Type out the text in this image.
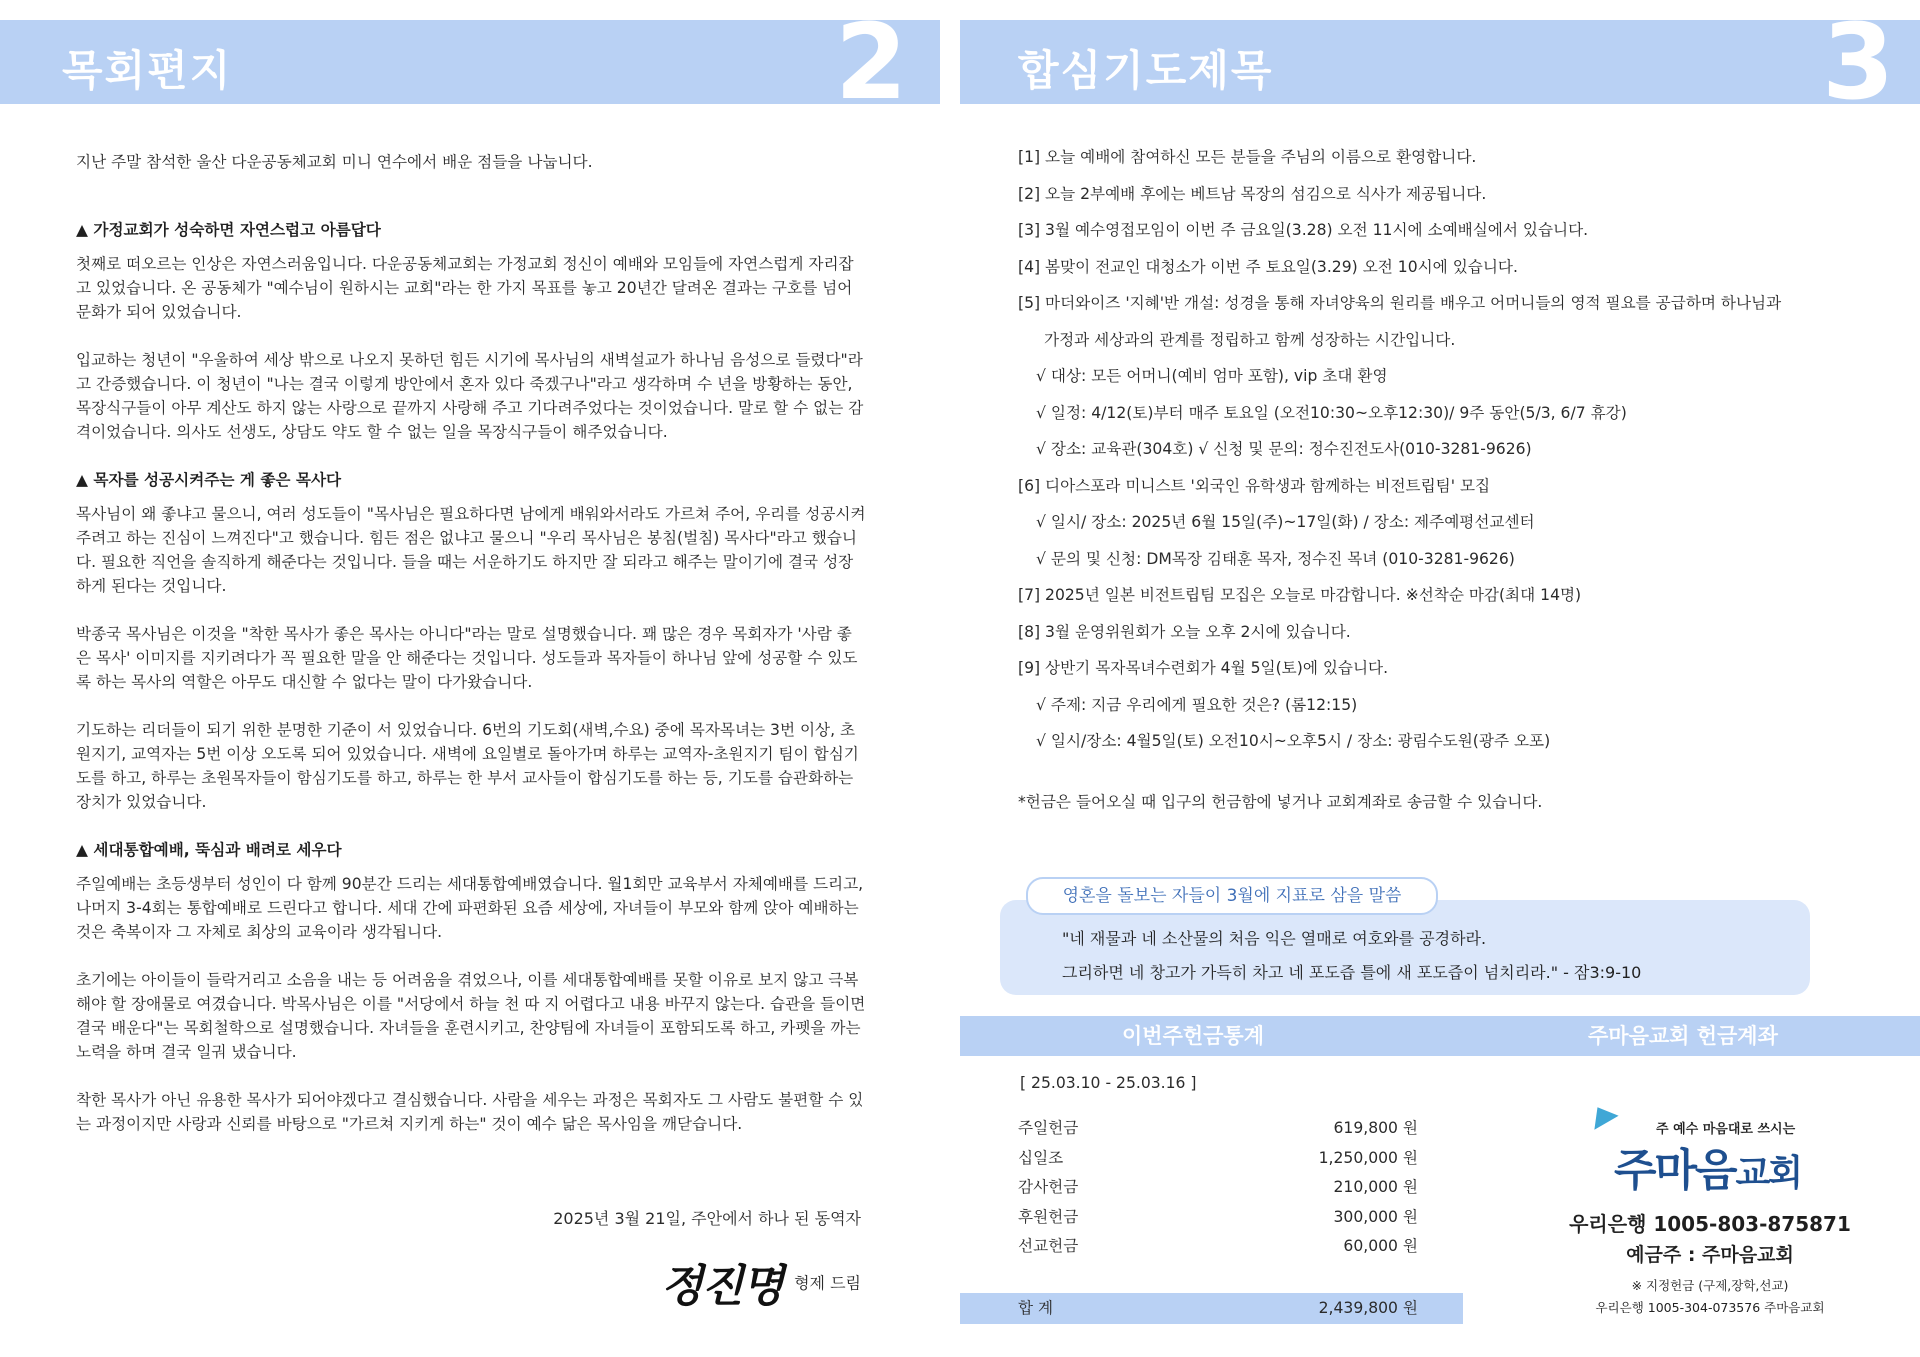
목회편지	2	합심기도제목	3

지난 주말 참석한 울산 다운공동체교회 미니 연수에서 배운 점들을 나눕니다.

▲ 가정교회가 성숙하면 자연스럽고 아름답다

첫째로 떠오르는 인상은 자연스러움입니다. 다운공동체교회는 가정교회 정신이 예배와 모임들에 자연스럽게 자리잡고 있었습니다. 온 공동체가 "예수님이 원하시는 교회"라는 한 가지 목표를 놓고 20년간 달려온 결과는 구호를 넘어 문화가 되어 있었습니다.

입교하는 청년이 "우울하여 세상 밖으로 나오지 못하던 힘든 시기에 목사님의 새벽설교가 하나님 음성으로 들렸다"라고 간증했습니다. 이 청년이 "나는 결국 이렇게 방안에서 혼자 있다 죽겠구나"라고 생각하며 수 년을 방황하는 동안, 목장식구들이 아무 계산도 하지 않는 사랑으로 끝까지 사랑해 주고 기다려주었다는 것이었습니다. 말로 할 수 없는 감격이었습니다. 의사도 선생도, 상담도 약도 할 수 없는 일을 목장식구들이 해주었습니다.

▲ 목자를 성공시켜주는 게 좋은 목사다

목사님이 왜 좋냐고 물으니, 여러 성도들이 "목사님은 필요하다면 남에게 배워와서라도 가르쳐 주어, 우리를 성공시켜주려고 하는 진심이 느껴진다"고 했습니다. 힘든 점은 없냐고 물으니 "우리 목사님은 봉침(벌침) 목사다"라고 했습니다. 필요한 직언을 솔직하게 해준다는 것입니다. 들을 때는 서운하기도 하지만 잘 되라고 해주는 말이기에 결국 성장하게 된다는 것입니다.

박종국 목사님은 이것을 "착한 목사가 좋은 목사는 아니다"라는 말로 설명했습니다. 꽤 많은 경우 목회자가 '사람 좋은 목사' 이미지를 지키려다가 꼭 필요한 말을 안 해준다는 것입니다. 성도들과 목자들이 하나님 앞에 성공할 수 있도록 하는 목사의 역할은 아무도 대신할 수 없다는 말이 다가왔습니다.

기도하는 리더들이 되기 위한 분명한 기준이 서 있었습니다. 6번의 기도회(새벽,수요) 중에 목자목녀는 3번 이상, 초원지기, 교역자는 5번 이상 오도록 되어 있었습니다. 새벽에 요일별로 돌아가며 하루는 교역자-초원지기 팀이 합심기도를 하고, 하루는 초원목자들이 함심기도를 하고, 하루는 한 부서 교사들이 합심기도를 하는 등, 기도를 습관화하는 장치가 있었습니다.

▲ 세대통합예배, 뚝심과 배려로 세우다

주일예배는 초등생부터 성인이 다 함께 90분간 드리는 세대통합예배였습니다. 월1회만 교육부서 자체예배를 드리고, 나머지 3-4회는 통합예배로 드린다고 합니다. 세대 간에 파편화된 요즘 세상에, 자녀들이 부모와 함께 앉아 예배하는 것은 축복이자 그 자체로 최상의 교육이라 생각됩니다.

초기에는 아이들이 들락거리고 소음을 내는 등 어려움을 겪었으나, 이를 세대통합예배를 못할 이유로 보지 않고 극복해야 할 장애물로 여겼습니다. 박목사님은 이를 "서당에서 하늘 천 따 지 어렵다고 내용 바꾸지 않는다. 습관을 들이면 결국 배운다"는 목회철학으로 설명했습니다. 자녀들을 훈련시키고, 찬양팀에 자녀들이 포함되도록 하고, 카펫을 까는 노력을 하며 결국 일궈 냈습니다.

착한 목사가 아닌 유용한 목사가 되어야겠다고 결심했습니다. 사람을 세우는 과정은 목회자도 그 사람도 불편할 수 있는 과정이지만 사랑과 신뢰를 바탕으로 "가르쳐 지키게 하는" 것이 예수 닮은 목사임을 깨닫습니다.

2025년 3월 21일, 주안에서 하나 된 동역자
정진명 형제 드림
[1] 오늘 예배에 참여하신 모든 분들을 주님의 이름으로 환영합니다.
[2] 오늘 2부예배 후에는 베트남 목장의 섬김으로 식사가 제공됩니다.
[3] 3월 예수영접모임이 이번 주 금요일(3.28) 오전 11시에 소예배실에서 있습니다.
[4] 봄맞이 전교인 대청소가 이번 주 토요일(3.29) 오전 10시에 있습니다.
[5] 마더와이즈 '지혜'반 개설: 성경을 통해 자녀양육의 원리를 배우고 어머니들의 영적 필요를 공급하며 하나님과
가정과 세상과의 관계를 정립하고 함께 성장하는 시간입니다.
√ 대상: 모든 어머니(예비 엄마 포함), vip 초대 환영
√ 일정: 4/12(토)부터 매주 토요일 (오전10:30~오후12:30)/ 9주 동안(5/3, 6/7 휴강)
√ 장소: 교육관(304호) √ 신청 및 문의: 정수진전도사(010-3281-9626)
[6] 디아스포라 미니스트 '외국인 유학생과 함께하는 비전트립팀' 모집
√ 일시/ 장소: 2025년 6월 15일(주)~17일(화) / 장소: 제주예평선교센터
√ 문의 및 신청: DM목장 김태훈 목자, 정수진 목녀 (010-3281-9626)
[7] 2025년 일본 비전트립팀 모집은 오늘로 마감합니다. ※선착순 마감(최대 14명)
[8] 3월 운영위원회가 오늘 오후 2시에 있습니다.
[9] 상반기 목자목녀수련회가 4월 5일(토)에 있습니다.
√ 주제: 지금 우리에게 필요한 것은? (롬12:15)
√ 일시/장소: 4월5일(토) 오전10시~오후5시 / 장소: 광림수도원(광주 오포)
*헌금은 들어오실 때 입구의 헌금함에 넣거나 교회계좌로 송금할 수 있습니다.
영혼을 돌보는 자들이 3월에 지표로 삼을 말씀
"네 재물과 네 소산물의 처음 익은 열매로 여호와를 공경하라.
그리하면 네 창고가 가득히 차고 네 포도즙 틀에 새 포도즙이 넘치리라." - 잠3:9-10
이번주헌금통계	주마음교회 헌금계좌
[ 25.03.10 - 25.03.16 ]
주일헌금	619,800 원
십일조	1,250,000 원
감사헌금	210,000 원
후원헌금	300,000 원
선교헌금	60,000 원
합 계	2,439,800 원
주 예수 마음대로 쓰시는
주마음교회
우리은행 1005-803-875871
예금주 : 주마음교회
※ 지정헌금 (구제,장학,선교)
우리은행 1005-304-073576 주마음교회
